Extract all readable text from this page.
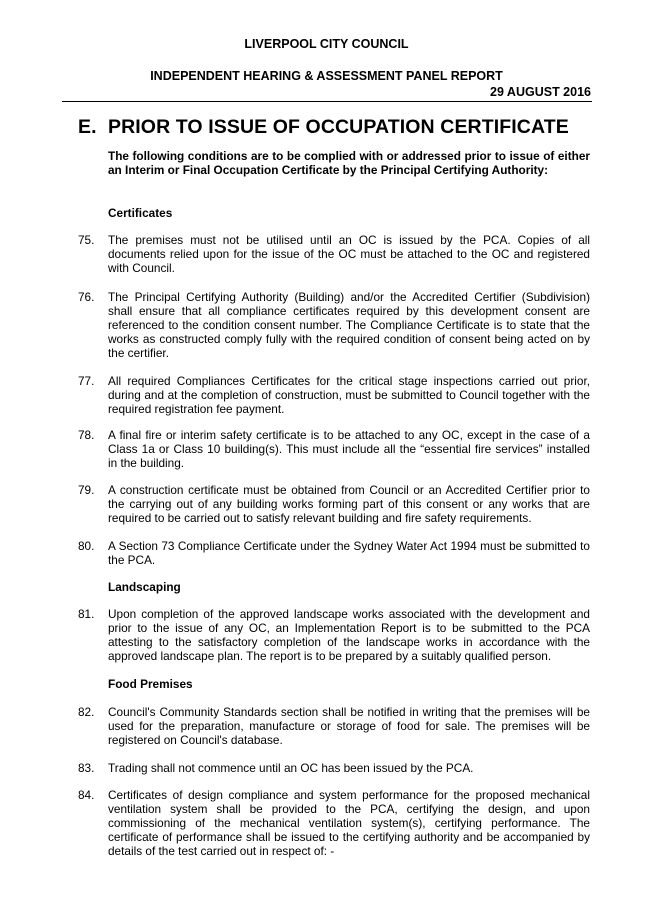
LIVERPOOL CITY COUNCIL
INDEPENDENT HEARING & ASSESSMENT PANEL REPORT
29 AUGUST 2016
E. PRIOR TO ISSUE OF OCCUPATION CERTIFICATE
The following conditions are to be complied with or addressed prior to issue of either an Interim or Final Occupation Certificate by the Principal Certifying Authority:
Certificates
75. The premises must not be utilised until an OC is issued by the PCA. Copies of all documents relied upon for the issue of the OC must be attached to the OC and registered with Council.
76. The Principal Certifying Authority (Building) and/or the Accredited Certifier (Subdivision) shall ensure that all compliance certificates required by this development consent are referenced to the condition consent number. The Compliance Certificate is to state that the works as constructed comply fully with the required condition of consent being acted on by the certifier.
77. All required Compliances Certificates for the critical stage inspections carried out prior, during and at the completion of construction, must be submitted to Council together with the required registration fee payment.
78. A final fire or interim safety certificate is to be attached to any OC, except in the case of a Class 1a or Class 10 building(s). This must include all the “essential fire services” installed in the building.
79. A construction certificate must be obtained from Council or an Accredited Certifier prior to the carrying out of any building works forming part of this consent or any works that are required to be carried out to satisfy relevant building and fire safety requirements.
80. A Section 73 Compliance Certificate under the Sydney Water Act 1994 must be submitted to the PCA.
Landscaping
81. Upon completion of the approved landscape works associated with the development and prior to the issue of any OC, an Implementation Report is to be submitted to the PCA attesting to the satisfactory completion of the landscape works in accordance with the approved landscape plan. The report is to be prepared by a suitably qualified person.
Food Premises
82. Council's Community Standards section shall be notified in writing that the premises will be used for the preparation, manufacture or storage of food for sale. The premises will be registered on Council's database.
83. Trading shall not commence until an OC has been issued by the PCA.
84. Certificates of design compliance and system performance for the proposed mechanical ventilation system shall be provided to the PCA, certifying the design, and upon commissioning of the mechanical ventilation system(s), certifying performance. The certificate of performance shall be issued to the certifying authority and be accompanied by details of the test carried out in respect of: -
